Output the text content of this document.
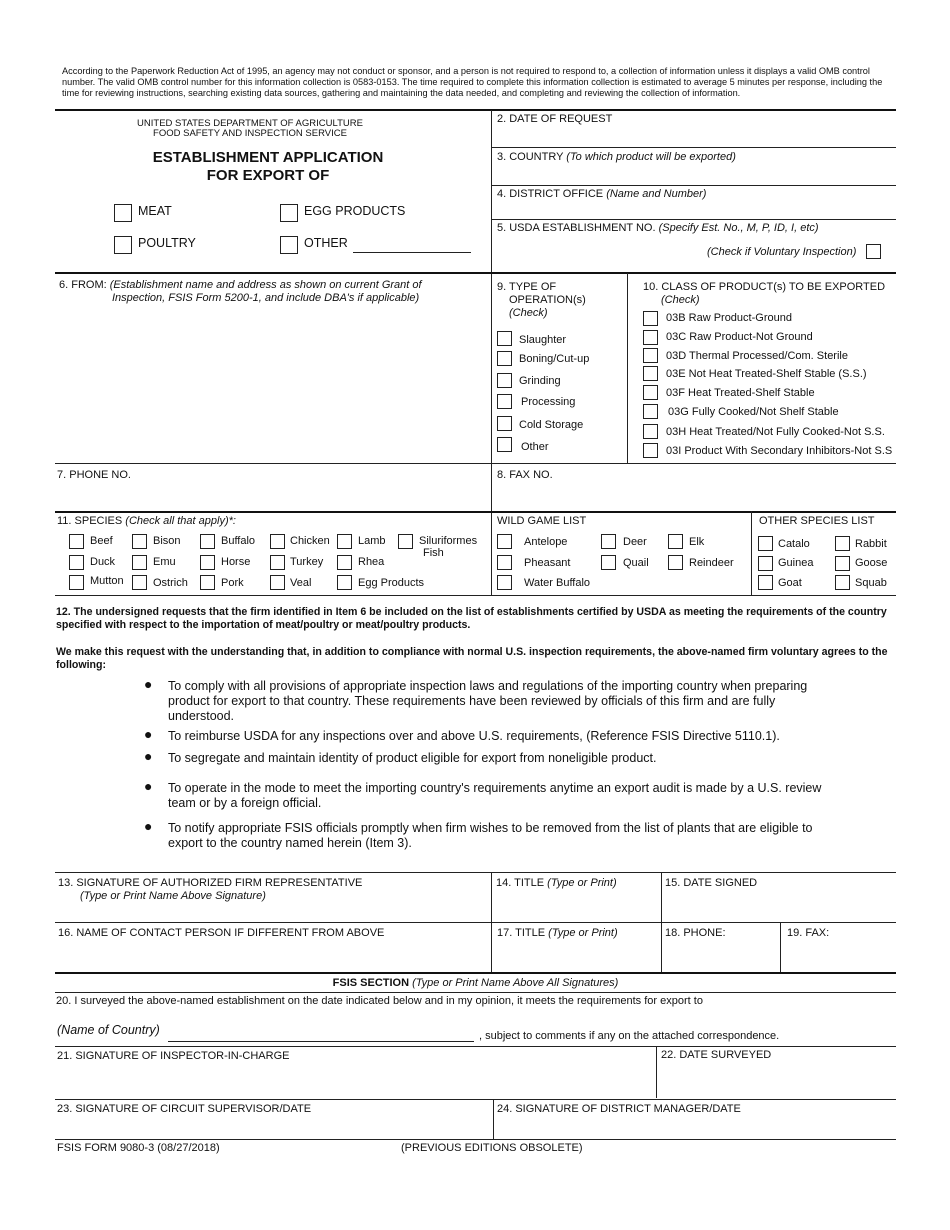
According to the Paperwork Reduction Act of 1995, an agency may not conduct or sponsor, and a person is not required to respond to, a collection of information unless it displays a valid OMB control number. The valid OMB control number for this information collection is 0583-0153. The time required to complete this information collection is estimated to average 5 minutes per response, including the time for reviewing instructions, searching existing data sources, gathering and maintaining the data needed, and completing and reviewing the collection of information.
UNITED STATES DEPARTMENT OF AGRICULTURE
FOOD SAFETY AND INSPECTION SERVICE
ESTABLISHMENT APPLICATION
FOR EXPORT OF
MEAT	EGG PRODUCTS
POULTRY	OTHER
2. DATE OF REQUEST
3. COUNTRY (To which product will be exported)
4. DISTRICT OFFICE (Name and Number)
5. USDA ESTABLISHMENT NO. (Specify Est. No., M, P, ID, I, etc)
(Check if Voluntary Inspection)
6. FROM: (Establishment name and address as shown on current Grant of
Inspection, FSIS Form 5200-1, and include DBA's if applicable)
9. TYPE OF
OPERATION(s)
(Check)
Slaughter
Boning/Cut-up
Grinding
Processing
Cold Storage
Other
10. CLASS OF PRODUCT(s) TO BE EXPORTED
(Check)
03B Raw Product-Ground
03C Raw Product-Not Ground
03D Thermal Processed/Com. Sterile
03E Not Heat Treated-Shelf Stable (S.S.)
03F Heat Treated-Shelf Stable
03G Fully Cooked/Not Shelf Stable
03H Heat Treated/Not Fully Cooked-Not S.S.
03I Product With Secondary Inhibitors-Not S.S
7. PHONE NO.	8. FAX NO.
11. SPECIES (Check all that apply)*:
Beef	Bison	Buffalo	Chicken	Lamb	Siluriformes
Fish
Duck	Emu	Horse	Turkey	Rhea
Mutton	Ostrich	Pork	Veal	Egg Products
WILD GAME LIST
Antelope	Deer	Elk
Pheasant	Quail	Reindeer
Water Buffalo
OTHER SPECIES LIST
Catalo	Rabbit
Guinea	Goose
Goat	Squab
12. The undersigned requests that the firm identified in Item 6 be included on the list of establishments certified by USDA as meeting the requirements of the country specified with respect to the importation of meat/poultry or meat/poultry products.
We make this request with the understanding that, in addition to compliance with normal U.S. inspection requirements, the above-named firm voluntary agrees to the following:
● To comply with all provisions of appropriate inspection laws and regulations of the importing country when preparing product for export to that country. These requirements have been reviewed by officials of this firm and are fully understood.
● To reimburse USDA for any inspections over and above U.S. requirements, (Reference FSIS Directive 5110.1).
● To segregate and maintain identity of product eligible for export from noneligible product.
● To operate in the mode to meet the importing country's requirements anytime an export audit is made by a U.S. review team or by a foreign official.
● To notify appropriate FSIS officials promptly when firm wishes to be removed from the list of plants that are eligible to export to the country named herein (Item 3).
13. SIGNATURE OF AUTHORIZED FIRM REPRESENTATIVE
(Type or Print Name Above Signature)
14. TITLE (Type or Print)	15. DATE SIGNED
16. NAME OF CONTACT PERSON IF DIFFERENT FROM ABOVE	17. TITLE (Type or Print)	18. PHONE:	19. FAX:
FSIS SECTION (Type or Print Name Above All Signatures)
20. I surveyed the above-named establishment on the date indicated below and in my opinion, it meets the requirements for export to
(Name of Country)	, subject to comments if any on the attached correspondence.
21. SIGNATURE OF INSPECTOR-IN-CHARGE	22. DATE SURVEYED
23. SIGNATURE OF CIRCUIT SUPERVISOR/DATE	24. SIGNATURE OF DISTRICT MANAGER/DATE
FSIS FORM 9080-3 (08/27/2018)	(PREVIOUS EDITIONS OBSOLETE)
